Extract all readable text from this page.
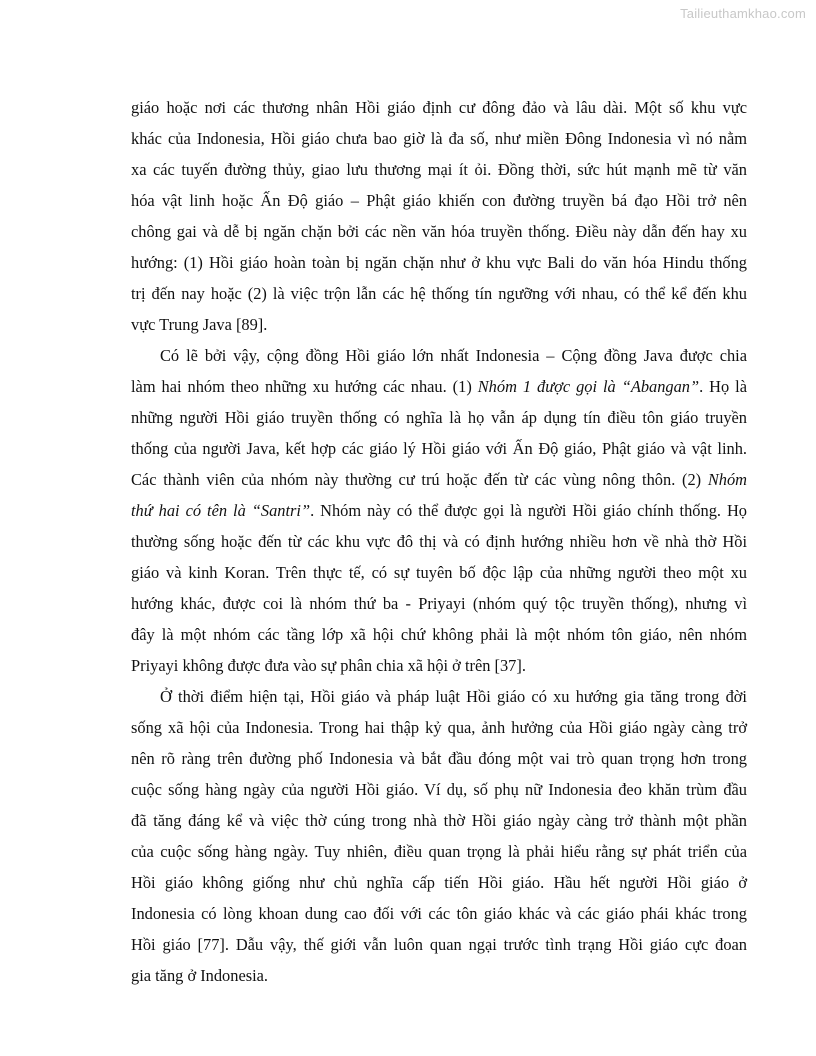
Tailieuthamkhao.com
giáo hoặc nơi các thương nhân Hồi giáo định cư đông đảo và lâu dài. Một số khu vực
khác của Indonesia, Hồi giáo chưa bao giờ là đa số, như miền Đông Indonesia vì nó nằm
xa các tuyến đường thủy, giao lưu thương mại ít ỏi. Đồng thời, sức hút mạnh mẽ từ văn
hóa vật linh hoặc Ấn Độ giáo – Phật giáo khiến con đường truyền bá đạo Hồi trở nên
chông gai và dễ bị ngăn chặn bởi các nền văn hóa truyền thống. Điều này dẫn đến hay xu
hướng: (1) Hồi giáo hoàn toàn bị ngăn chặn như ở khu vực Bali do văn hóa Hindu thống
trị đến nay hoặc (2) là việc trộn lẫn các hệ thống tín ngưỡng với nhau, có thể kể đến khu
vực Trung Java [89].
Có lẽ bởi vậy, cộng đồng Hồi giáo lớn nhất Indonesia – Cộng đồng Java được chia
làm hai nhóm theo những xu hướng các nhau. (1) Nhóm 1 được gọi là “Abangan”. Họ là
những người Hồi giáo truyền thống có nghĩa là họ vẫn áp dụng tín điều tôn giáo truyền
thống của người Java, kết hợp các giáo lý Hồi giáo với Ấn Độ giáo, Phật giáo và vật linh.
Các thành viên của nhóm này thường cư trú hoặc đến từ các vùng nông thôn. (2) Nhóm
thứ hai có tên là “Santri”. Nhóm này có thể được gọi là người Hồi giáo chính thống. Họ
thường sống hoặc đến từ các khu vực đô thị và có định hướng nhiều hơn về nhà thờ Hồi
giáo và kinh Koran. Trên thực tế, có sự tuyên bố độc lập của những người theo một xu
hướng khác, được coi là nhóm thứ ba - Priyayi (nhóm quý tộc truyền thống), nhưng vì
đây là một nhóm các tầng lớp xã hội chứ không phải là một nhóm tôn giáo, nên nhóm
Priyayi không được đưa vào sự phân chia xã hội ở trên [37].
Ở thời điểm hiện tại, Hồi giáo và pháp luật Hồi giáo có xu hướng gia tăng trong đời
sống xã hội của Indonesia. Trong hai thập kỷ qua, ảnh hưởng của Hồi giáo ngày càng trở
nên rõ ràng trên đường phố Indonesia và bắt đầu đóng một vai trò quan trọng hơn trong
cuộc sống hàng ngày của người Hồi giáo. Ví dụ, số phụ nữ Indonesia đeo khăn trùm đầu
đã tăng đáng kể và việc thờ cúng trong nhà thờ Hồi giáo ngày càng trở thành một phần
của cuộc sống hàng ngày. Tuy nhiên, điều quan trọng là phải hiểu rằng sự phát triển của
Hồi giáo không giống như chủ nghĩa cấp tiến Hồi giáo. Hầu hết người Hồi giáo ở
Indonesia có lòng khoan dung cao đối với các tôn giáo khác và các giáo phái khác trong
Hồi giáo [77]. Dẫu vậy, thế giới vẫn luôn quan ngại trước tình trạng Hồi giáo cực đoan
gia tăng ở Indonesia.
